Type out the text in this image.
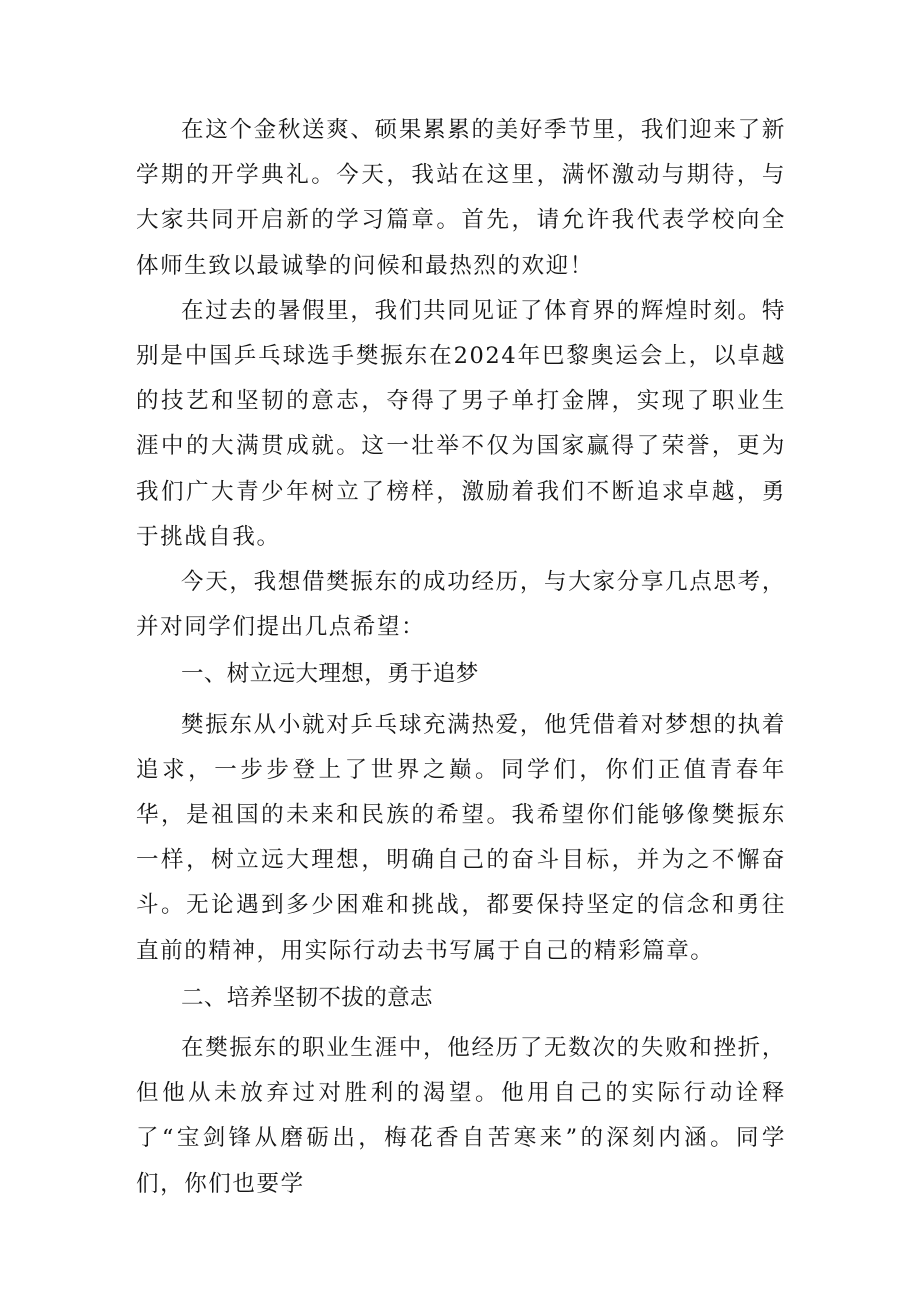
在这个金秋送爽、硕果累累的美好季节里，我们迎来了新学期的开学典礼。今天，我站在这里，满怀激动与期待，与大家共同开启新的学习篇章。首先，请允许我代表学校向全体师生致以最诚挚的问候和最热烈的欢迎！

在过去的暑假里，我们共同见证了体育界的辉煌时刻。特别是中国乒乓球选手樊振东在2024年巴黎奥运会上，以卓越的技艺和坚韧的意志，夺得了男子单打金牌，实现了职业生涯中的大满贯成就。这一壮举不仅为国家赢得了荣誉，更为我们广大青少年树立了榜样，激励着我们不断追求卓越，勇于挑战自我。

今天，我想借樊振东的成功经历，与大家分享几点思考，并对同学们提出几点希望：

一、树立远大理想，勇于追梦

樊振东从小就对乒乓球充满热爱，他凭借着对梦想的执着追求，一步步登上了世界之巅。同学们，你们正值青春年华，是祖国的未来和民族的希望。我希望你们能够像樊振东一样，树立远大理想，明确自己的奋斗目标，并为之不懈奋斗。无论遇到多少困难和挑战，都要保持坚定的信念和勇往直前的精神，用实际行动去书写属于自己的精彩篇章。

二、培养坚韧不拔的意志

在樊振东的职业生涯中，他经历了无数次的失败和挫折，但他从未放弃过对胜利的渴望。他用自己的实际行动诠释了“宝剑锋从磨砺出，梅花香自苦寒来”的深刻内涵。同学们，你们也要学
